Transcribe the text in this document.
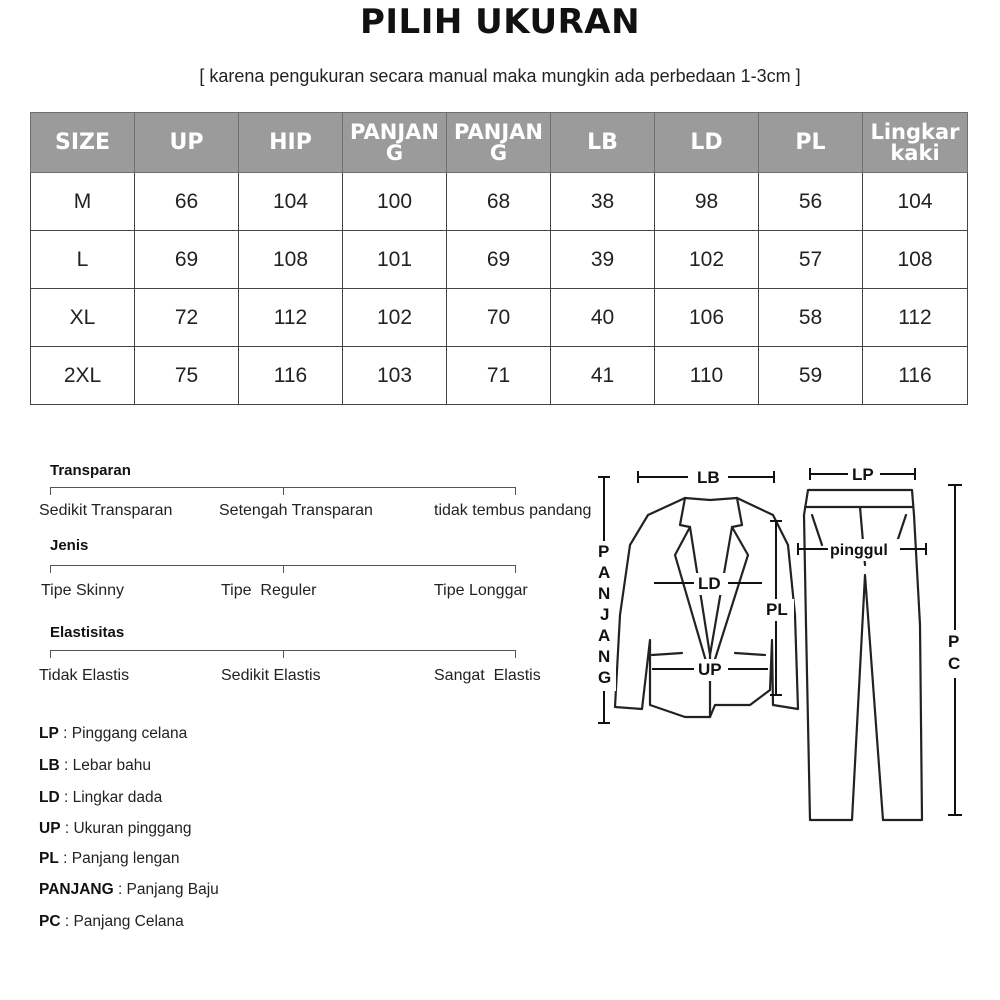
PILIH UKURAN
[ karena pengukuran secara manual maka mungkin ada perbedaan 1-3cm ]
SIZE	UP	HIP	PANJANG	PANJANG	LB	LD	PL	Lingkar kaki
M	66	104	100	68	38	98	56	104
L	69	108	101	69	39	102	57	108
XL	72	112	102	70	40	106	58	112
2XL	75	116	103	71	41	110	59	116
Transparan
Sedikit Transparan	Setengah Transparan	tidak tembus pandang
Jenis
Tipe Skinny	Tipe  Reguler	Tipe Longgar
Elastisitas
Tidak Elastis	Sedikit Elastis	Sangat  Elastis
LP : Pinggang celana
LB : Lebar bahu
LD : Lingkar dada
UP : Ukuran pinggang
PL : Panjang lengan
PANJANG : Panjang Baju
PC : Panjang Celana
LB	LP
LD
UP
PL
pinggul
P
A
N
J
A
N
G
P
C
